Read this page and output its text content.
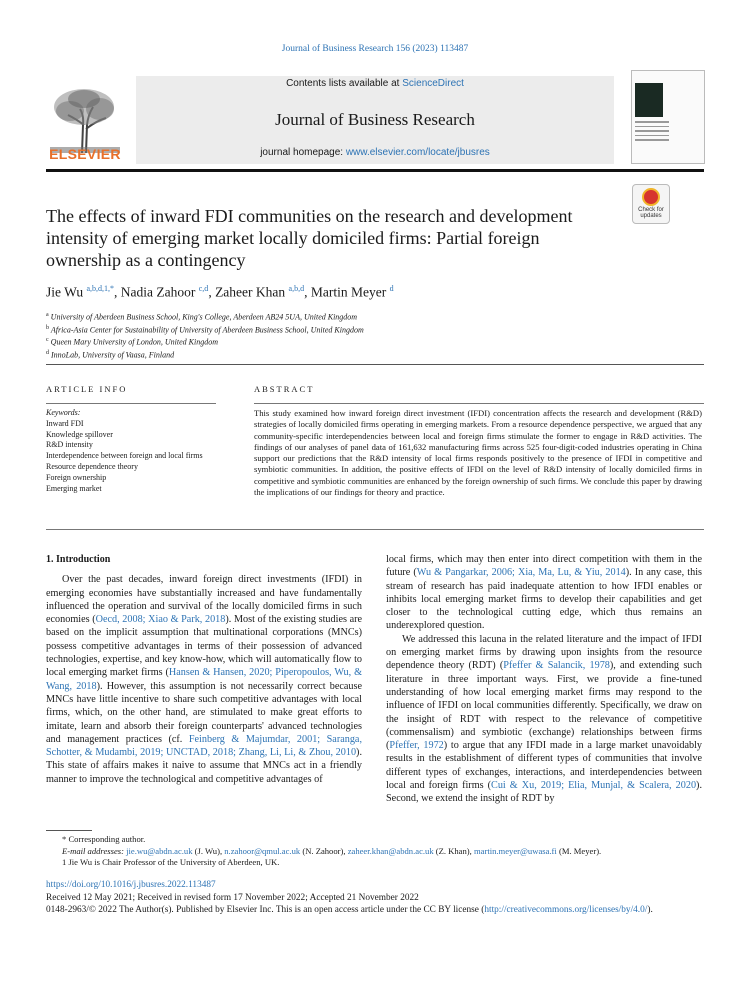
Journal of Business Research 156 (2023) 113487
ELSEVIER
Contents lists available at ScienceDirect
Journal of Business Research
journal homepage: www.elsevier.com/locate/jbusres
Check for updates
The effects of inward FDI communities on the research and development intensity of emerging market locally domiciled firms: Partial foreign ownership as a contingency
Jie Wu $^{a,b,d,1,*}$, Nadia Zahoor $^{c,d}$, Zaheer Khan $^{a,b,d}$, Martin Meyer $^d$
$^a$ University of Aberdeen Business School, King's College, Aberdeen AB24 5UA, United Kingdom
$^b$ Africa-Asia Center for Sustainability of University of Aberdeen Business School, United Kingdom
$^c$ Queen Mary University of London, United Kingdom
$^d$ InnoLab, University of Vaasa, Finland
ARTICLE INFO	ABSTRACT
Keywords:
Inward FDI
Knowledge spillover
R&D intensity
Interdependence between foreign and local firms
Resource dependence theory
Foreign ownership
Emerging market
This study examined how inward foreign direct investment (IFDI) concentration affects the research and development (R&D) strategies of locally domiciled firms operating in emerging markets. From a resource dependence perspective, we argued that any community-specific interdependencies between local and foreign firms stimulate the former to engage in R&D activities. The findings of our analyses of panel data of 161,632 manufacturing firms across 525 four-digit-coded industries operating in China support our predictions that the R&D intensity of local firms responds positively to the presence of IFDI in competitive and symbiotic communities. In addition, the positive effects of IFDI on the level of R&D intensity of locally domiciled firms in competitive and symbiotic communities are enhanced by the foreign ownership of such firms. We conclude this paper by drawing the implications of our findings for theory and practice.
1. Introduction

Over the past decades, inward foreign direct investments (IFDI) in emerging economies have substantially increased and have fundamentally influenced the operation and survival of the locally domiciled firms in such economies (Oecd, 2008; Xiao & Park, 2018). Most of the existing studies are based on the implicit assumption that multinational corporations (MNCs) possess competitive advantages in terms of their possession of advanced technologies, expertise, and key know-how, which will automatically flow to local emerging market firms (Hansen & Hansen, 2020; Piperopoulos, Wu, & Wang, 2018). However, this assumption is not necessarily correct because MNCs have little incentive to share such competitive advantages with local firms, which, on the other hand, are stimulated to make great efforts to imitate, learn and absorb their foreign counterparts' advanced technologies and management practices (cf. Feinberg & Majumdar, 2001; Saranga, Schotter, & Mudambi, 2019; UNCTAD, 2018; Zhang, Li, Li, & Zhou, 2010). This state of affairs makes it naive to assume that MNCs act in a friendly manner to improve the technological and competitive advantages of

local firms, which may then enter into direct competition with them in the future (Wu & Pangarkar, 2006; Xia, Ma, Lu, & Yiu, 2014). In any case, this stream of research has paid inadequate attention to how IFDI enables or inhibits local emerging market firms to develop their capabilities and get closer to the technological cutting edge, which thus remains an underexplored question.

We addressed this lacuna in the related literature and the impact of IFDI on emerging market firms by drawing upon insights from the resource dependence theory (RDT) (Pfeffer & Salancik, 1978), and extending such literature in three important ways. First, we provide a fine-tuned understanding of how local emerging market firms may respond to the influence of IFDI on local communities differently. Specifically, we draw on the insight of RDT with respect to the relevance of competitive (commensalism) and symbiotic (exchange) relationships between firms (Pfeffer, 1972) to argue that any IFDI made in a large market unavoidably results in the establishment of different types of communities that involve different types of exchanges, interactions, and interdependencies between local and foreign firms (Cui & Xu, 2019; Elia, Munjal, & Scalera, 2020). Second, we extend the insight of RDT by

* Corresponding author.
E-mail addresses: jie.wu@abdn.ac.uk (J. Wu), n.zahoor@qmul.ac.uk (N. Zahoor), zaheer.khan@abdn.ac.uk (Z. Khan), martin.meyer@uwasa.fi (M. Meyer).
1 Jie Wu is Chair Professor of the University of Aberdeen, UK.
https://doi.org/10.1016/j.jbusres.2022.113487
Received 12 May 2021; Received in revised form 17 November 2022; Accepted 21 November 2022
0148-2963/© 2022 The Author(s). Published by Elsevier Inc. This is an open access article under the CC BY license (http://creativecommons.org/licenses/by/4.0/).
